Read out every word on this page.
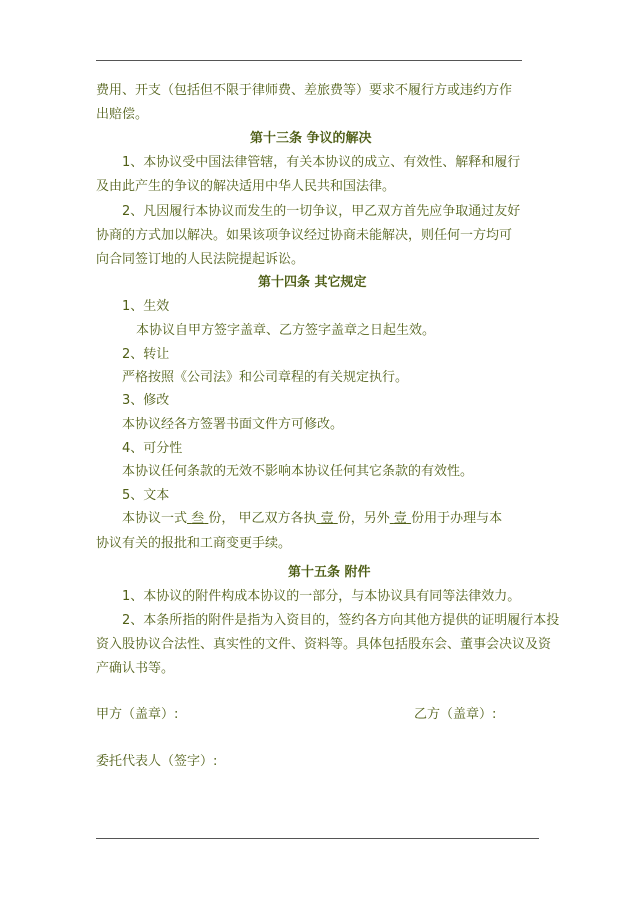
费用、开支（包括但不限于律师费、差旅费等）要求不履行方或违约方作
出赔偿。
第十三条 争议的解决
1、本协议受中国法律管辖，有关本协议的成立、有效性、解释和履行
及由此产生的争议的解决适用中华人民共和国法律。
2、凡因履行本协议而发生的一切争议，甲乙双方首先应争取通过友好
协商的方式加以解决。如果该项争议经过协商未能解决，则任何一方均可
向合同签订地的人民法院提起诉讼。
第十四条 其它规定
1、生效
本协议自甲方签字盖章、乙方签字盖章之日起生效。
2、转让
严格按照《公司法》和公司章程的有关规定执行。
3、修改
本协议经各方签署书面文件方可修改。
4、可分性
本协议任何条款的无效不影响本协议任何其它条款的有效性。
5、文本
本协议一式 叁 份， 甲乙双方各执 壹 份，另外 壹 份用于办理与本
协议有关的报批和工商变更手续。
第十五条 附件
1、本协议的附件构成本协议的一部分，与本协议具有同等法律效力。
2、本条所指的附件是指为入资目的，签约各方向其他方提供的证明履行本投
资入股协议合法性、真实性的文件、资料等。具体包括股东会、董事会决议及资
产确认书等。
甲方（盖章）:	乙方（盖章）:
委托代表人（签字）:
